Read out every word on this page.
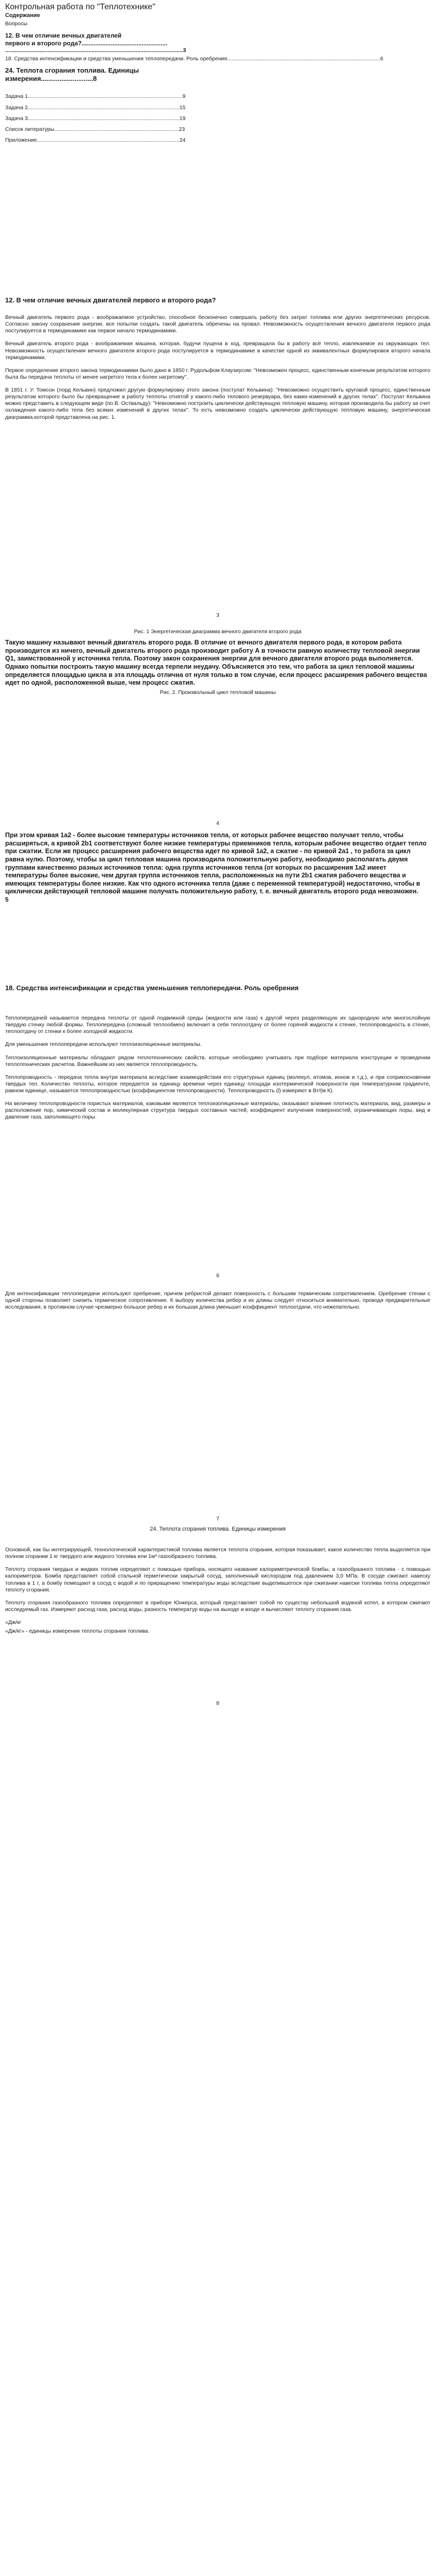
Контрольная работа по "Теплотехнике"

Содержание

Вопросы

12. В чем отличие вечных двигателей

первого и второго рода?..................................................

.................................................................................................................3

18. Средства интенсификации и средства уменьшения теплопередачи. Роль оребрения......................................................................................................6

24. Теплота сгорания топлива. Единицы

измерения............................8

Задача 1.......................................................................................................9

Задача 2.....................................................................................................15

Задача 3.....................................................................................................19

Список литературы...................................................................................23

Приложение...............................................................................................24

12. В чем отличие вечных двигателей первого и второго рода?

Вечный двигатель первого рода - воображаемое устройство, способное бесконечно совершать работу без затрат топлива или других энергетических ресурсов. Согласно закону сохранения энергии, все попытки создать такой двигатель обречены на провал. Невозможность осуществления вечного двигателя первого рода постулируется в термодинамике как первое начало термодинамики.

Вечный двигатель второго рода - воображаемая машина, которая, будучи пущена в ход, превращала бы в работу всё тепло, извлекаемое из окружающих тел. Невозможность осуществления вечного двигателя второго рода постулируется в термодинамике в качестве одной из эквивалентных формулировок второго начала термодинамики.

Первое определение второго закона термодинамики было дано в 1850 г. Рудольфом Клаузиусом: "Невозможен процесс, единственным конечным результатом которого была бы передача теплоты от менее нагретого тела к более нагретому".

В 1851 г. У. Томсон (лорд Кельвин) предложил другую формулировку этого закона (постулат Кельвина): "Невозможно осуществить круговой процесс, единственным результатом которого было бы превращение в работу теплоты отнятой у какого-либо телового резервуара, без каких-изменений в других телах". Постулат Кельвина можно представить в следующем виде (по В. Оствальду): "Невозможно построить циклически действующую тепловую машину, которая производила бы работу за счет охлаждения какого-либо тела без всяких изменений в других телах". То есть невозможно создать циклически действующую тепловую машину, энергетическая диаграмма которой представлена на рис. 1.

3

Рис. 1 Энергетическая диаграмма вечного двигателя второго рода

Такую машину называют вечный двигатель второго рода. В отличие от вечного двигателя первого рода, в котором работа производится из ничего, вечный двигатель второго рода производит работу А в точности равную количеству тепловой энергии Q1, заимствованной у источника тепла. Поэтому закон сохранения энергии для вечного двигателя второго рода выполняется. Однако попытки построить такую машину всегда терпели неудачу. Объясняется это тем, что работа за цикл тепловой машины определяется площадью цикла в эта площадь отлична от нуля только в том случае, если процесс расширения рабочего вещества идет по одной, расположенной выше, чем процесс сжатия.

Рис. 2. Произвольный цикл тепловой машины

4

При этом кривая 1а2 - более высокие температуры источников тепла, от которых рабочее вещество получает тепло, чтобы расширяться, а кривой 2b1 соответствуют более низкие температуры приемников тепла, которым рабочее вещество отдает тепло при сжатии. Если же процесс расширения рабочего вещества идет по кривой 1а2, а сжатие - по кривой 2а1 , то работа за цикл равна нулю. Поэтому, чтобы за цикл тепловая машина производила положительную работу, необходимо располагать двумя группами качественно разных источников тепла: одна группа источников тепла (от которых по расширения 1а2 имеет температуры более высокие, чем другая группа источников тепла, расположенных на пути 2b1 сжатия рабочего вещества и имеющих температуры более низкие. Как что одного источника тепла (даже с переменной температурой) недостаточно, чтобы в циклически действующей тепловой машине получать положительную работу, т. е. вечный двигатель второго рода невозможен.

5

18. Средства интенсификации и средства уменьшения теплопередачи. Роль оребрения

Теплопередачей называется передача теплоты от одной подвижной среды (жидкости или газа) к другой через разделяющую их однородную или многослойную твердую стенку любой формы. Теплопередача (сложный теплообмен) включает в себя теплоотдачу от более горячей жидкости к стенке, теплопроводность в стенке, теплоотдачу от стенки к более холодной жидкости.

Для уменьшения теплопередачи используют теплоизоляционные материалы.

Теплоизоляционные материалы обладают рядом теплотехнических свойств, которые необходимо учитывать при подборе материала конструкции и проведении теплотехнических расчетов. Важнейшим из них является теплопроводность.

Теплопроводность - передача тепла внутри материала вследствие взаимодействия его структурных единиц (молекул, атомов, ионов и т.д.), и при соприкосновении твердых тел. Количество теплоты, которое передается за единицу времени через единицу площади изотермической поверхности при температурном градиенте, равном единице, называется теплопроводностью (коэффициентом теплопроводности). Теплопроводность (l) измеряют в Вт/(м К).

На величину теплопроводности пористых материалов, каковыми являются теплоизоляционные материалы, оказывают влияние плотность материала, вид, размеры и расположение пор, химический состав и молекулярная структура твердых составных частей, коэффициент излучения поверхностей, ограничивающих поры, вид и давление газа, заполняющего поры.

6

Для интенсификации теплопередачи используют оребрение, причем ребристой делают поверхность с большим термическим сопротивлением. Оребрение стенки с одной стороны позволяет снизить термическое сопротивление. К выбору количества ребер и их длины следует относиться внимательно, проводя предварительные исследования, в противном случае чрезмерно большое ребер и их большая длина уменьшит коэффициент теплоотдачи, что нежелательно.

7

24. Теплота сгорания топлива. Единицы измерения

Основной, как бы интегрирующей, технологической характеристикой топлива является теплота сгорания, которая показывает, какое количество тепла выделяется при полном сгорании 1 кг твердого или жидкого топлива или 1м³ газообразного топлива.

Теплоту сгорания твердых и жидких топлив определяют с помощью прибора, носящего название калориметрической бомбы, а газообразного топлива - с помощью калориметров. Бомба представляет собой стальной герметически закрытый сосуд, заполненный кислородом под давлением 3,0 МПа. В сосуде сжигают навеску топлива в 1 г, а бомбу помещают в сосуд с водой и по приращению температуры воды вследствие выделившегося при сжигании навески топлива тепла определяют теплоту сгорания.

Теплоту сгорания газообразного топлива определяют в приборе Юнкерса, который представляет собой по существу небольшой водяной котел, в котором сжигают исследуемый газ. Измеряют расход газа, расход воды, разность температур воды на выходе и входе и вычисляют теплоту сгорания газа.

«Дж/кг

«Дж/кг» - единицы измерения теплоты сгорания топлива.

8
